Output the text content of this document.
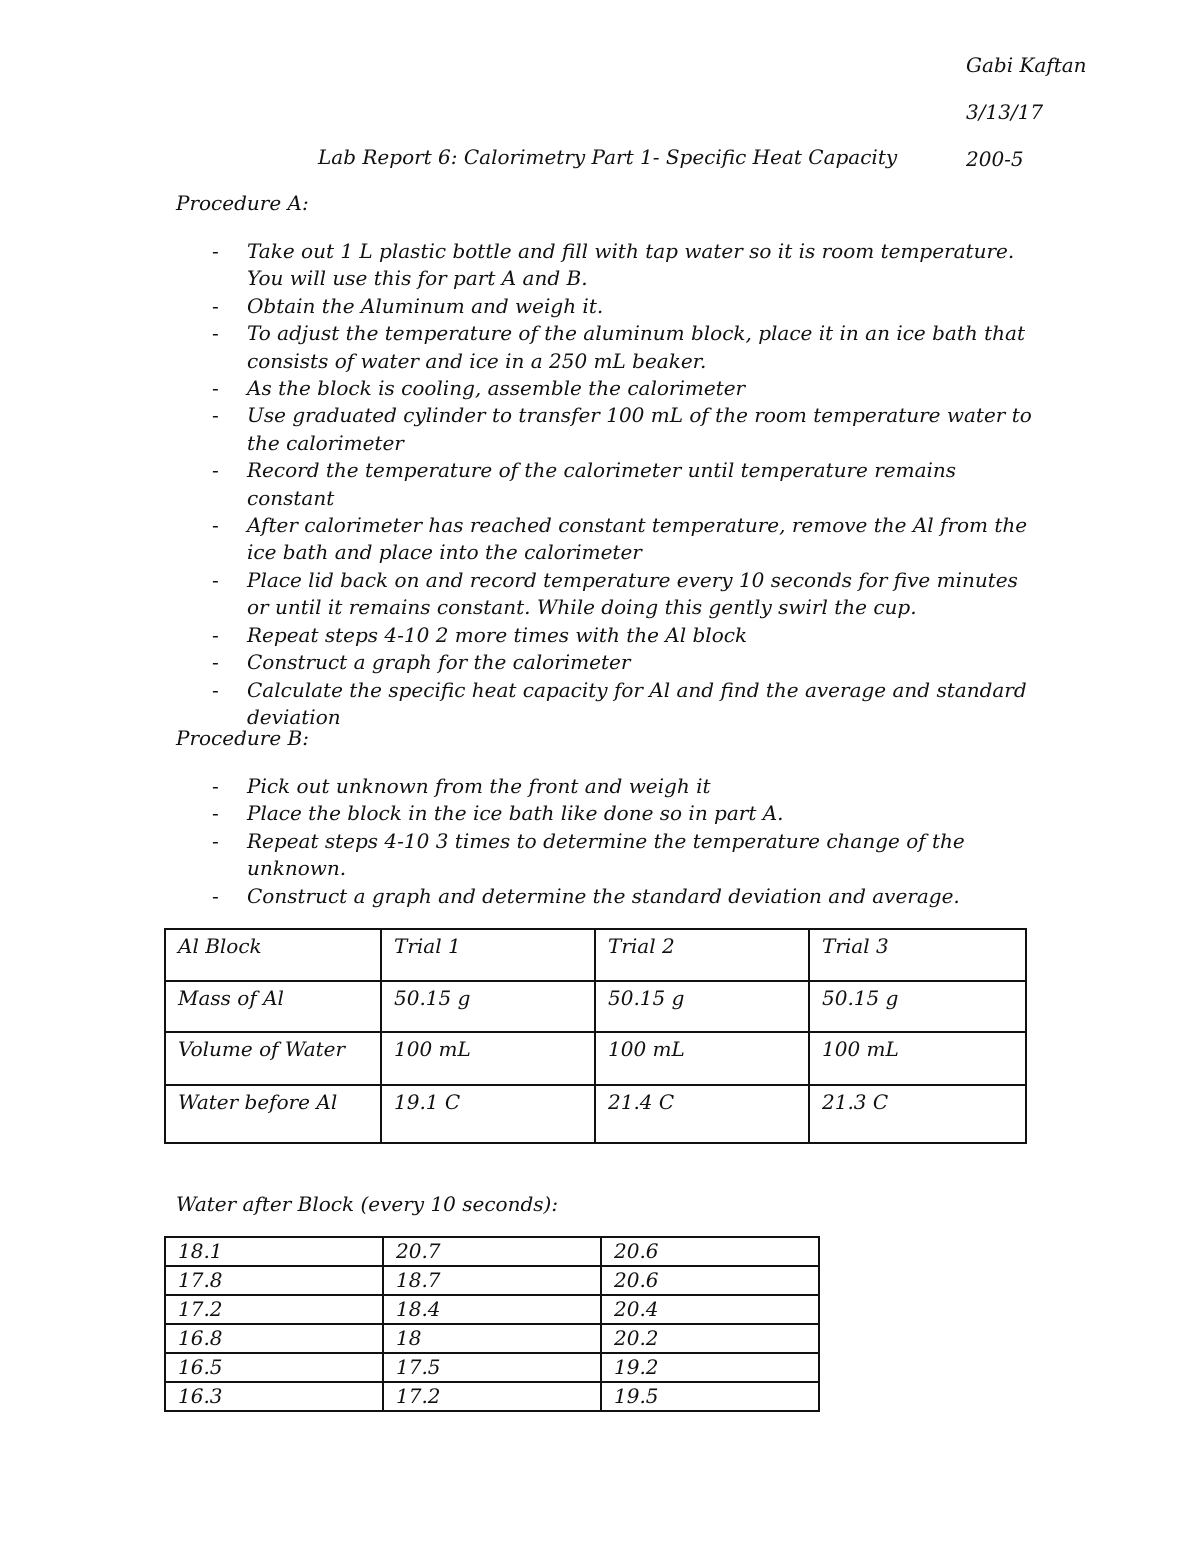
Gabi Kaftan
3/13/17
Lab Report 6: Calorimetry Part 1- Specific Heat Capacity	200-5
Procedure A:
- Take out 1 L plastic bottle and fill with tap water so it is room temperature. You will use this for part A and B.
- Obtain the Aluminum and weigh it.
- To adjust the temperature of the aluminum block, place it in an ice bath that consists of water and ice in a 250 mL beaker.
- As the block is cooling, assemble the calorimeter
- Use graduated cylinder to transfer 100 mL of the room temperature water to the calorimeter
- Record the temperature of the calorimeter until temperature remains constant
- After calorimeter has reached constant temperature, remove the Al from the ice bath and place into the calorimeter
- Place lid back on and record temperature every 10 seconds for five minutes or until it remains constant. While doing this gently swirl the cup.
- Repeat steps 4-10 2 more times with the Al block
- Construct a graph for the calorimeter
- Calculate the specific heat capacity for Al and find the average and standard deviation
Procedure B:
- Pick out unknown from the front and weigh it
- Place the block in the ice bath like done so in part A.
- Repeat steps 4-10 3 times to determine the temperature change of the unknown.
- Construct a graph and determine the standard deviation and average.
Al Block	Trial 1	Trial 2	Trial 3
Mass of Al	50.15 g	50.15 g	50.15 g
Volume of Water	100 mL	100 mL	100 mL
Water before Al	19.1 C	21.4 C	21.3 C
Water after Block (every 10 seconds):
18.1	20.7	20.6
17.8	18.7	20.6
17.2	18.4	20.4
16.8	18	20.2
16.5	17.5	19.2
16.3	17.2	19.5
